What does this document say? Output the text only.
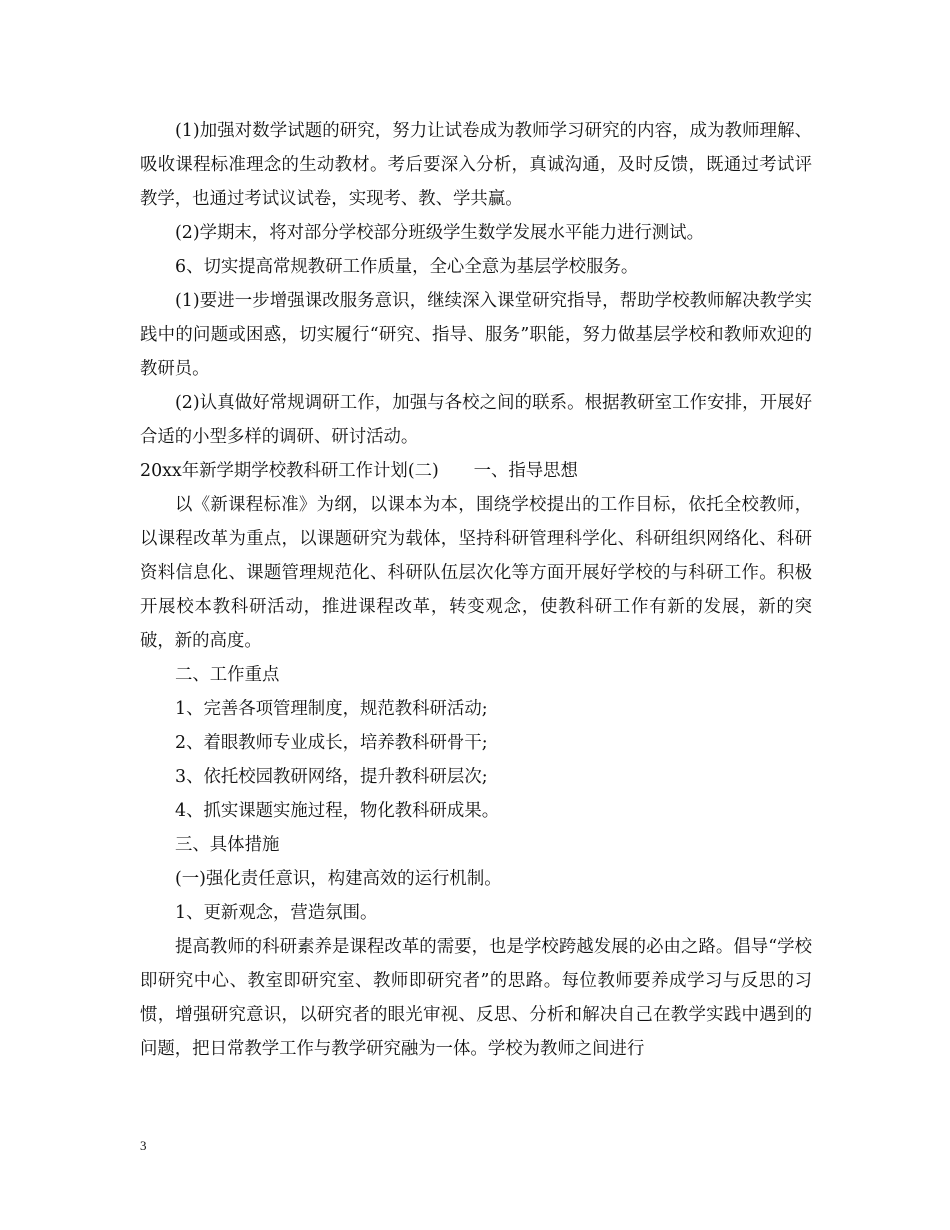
(1)加强对数学试题的研究，努力让试卷成为教师学习研究的内容，成为教师理解、吸收课程标准理念的生动教材。考后要深入分析，真诚沟通，及时反馈，既通过考试评教学，也通过考试议试卷，实现考、教、学共赢。

(2)学期末，将对部分学校部分班级学生数学发展水平能力进行测试。

6、切实提高常规教研工作质量，全心全意为基层学校服务。

(1)要进一步增强课改服务意识，继续深入课堂研究指导，帮助学校教师解决教学实践中的问题或困惑，切实履行“研究、指导、服务”职能，努力做基层学校和教师欢迎的教研员。

(2)认真做好常规调研工作，加强与各校之间的联系。根据教研室工作安排，开展好合适的小型多样的调研、研讨活动。

20xx年新学期学校教科研工作计划(二)　　一、指导思想

以《新课程标准》为纲，以课本为本，围绕学校提出的工作目标，依托全校教师，以课程改革为重点，以课题研究为载体，坚持科研管理科学化、科研组织网络化、科研资料信息化、课题管理规范化、科研队伍层次化等方面开展好学校的与科研工作。积极开展校本教科研活动，推进课程改革，转变观念，使教科研工作有新的发展，新的突破，新的高度。

二、工作重点

1、完善各项管理制度，规范教科研活动;

2、着眼教师专业成长，培养教科研骨干;

3、依托校园教研网络，提升教科研层次;

4、抓实课题实施过程，物化教科研成果。

三、具体措施

(一)强化责任意识，构建高效的运行机制。

1、更新观念，营造氛围。

提高教师的科研素养是课程改革的需要，也是学校跨越发展的必由之路。倡导“学校即研究中心、教室即研究室、教师即研究者”的思路。每位教师要养成学习与反思的习惯，增强研究意识，以研究者的眼光审视、反思、分析和解决自己在教学实践中遇到的问题，把日常教学工作与教学研究融为一体。学校为教师之间进行

3
